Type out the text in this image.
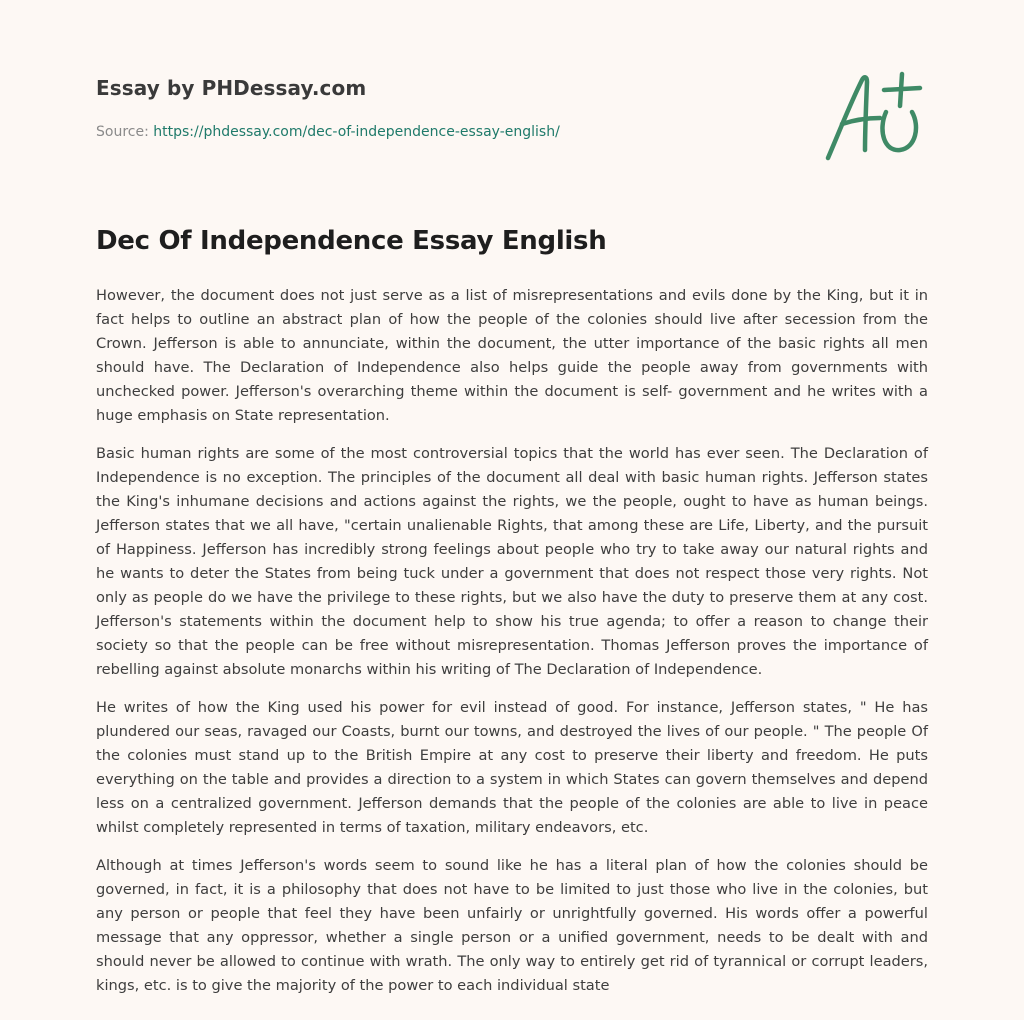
Essay by PHDessay.com

Source: https://phdessay.com/dec-of-independence-essay-english/

Dec Of Independence Essay English

However, the document does not just serve as a list of misrepresentations and evils done by the King, but it in fact helps to outline an abstract plan of how the people of the colonies should live after secession from the Crown. Jefferson is able to annunciate, within the document, the utter importance of the basic rights all men should have. The Declaration of Independence also helps guide the people away from governments with unchecked power. Jefferson's overarching theme within the document is self- government and he writes with a huge emphasis on State representation.

Basic human rights are some of the most controversial topics that the world has ever seen. The Declaration of Independence is no exception. The principles of the document all deal with basic human rights. Jefferson states the King's inhumane decisions and actions against the rights, we the people, ought to have as human beings. Jefferson states that we all have, "certain unalienable Rights, that among these are Life, Liberty, and the pursuit of Happiness. Jefferson has incredibly strong feelings about people who try to take away our natural rights and he wants to deter the States from being tuck under a government that does not respect those very rights. Not only as people do we have the privilege to these rights, but we also have the duty to preserve them at any cost. Jefferson's statements within the document help to show his true agenda; to offer a reason to change their society so that the people can be free without misrepresentation. Thomas Jefferson proves the importance of rebelling against absolute monarchs within his writing of The Declaration of Independence.

He writes of how the King used his power for evil instead of good. For instance, Jefferson states, " He has plundered our seas, ravaged our Coasts, burnt our towns, and destroyed the lives of our people. " The people Of the colonies must stand up to the British Empire at any cost to preserve their liberty and freedom. He puts everything on the table and provides a direction to a system in which States can govern themselves and depend less on a centralized government. Jefferson demands that the people of the colonies are able to live in peace whilst completely represented in terms of taxation, military endeavors, etc.

Although at times Jefferson's words seem to sound like he has a literal plan of how the colonies should be governed, in fact, it is a philosophy that does not have to be limited to just those who live in the colonies, but any person or people that feel they have been unfairly or unrightfully governed. His words offer a powerful message that any oppressor, whether a single person or a unified government, needs to be dealt with and should never be allowed to continue with wrath. The only way to entirely get rid of tyrannical or corrupt leaders, kings, etc. is to give the majority of the power to each individual state
